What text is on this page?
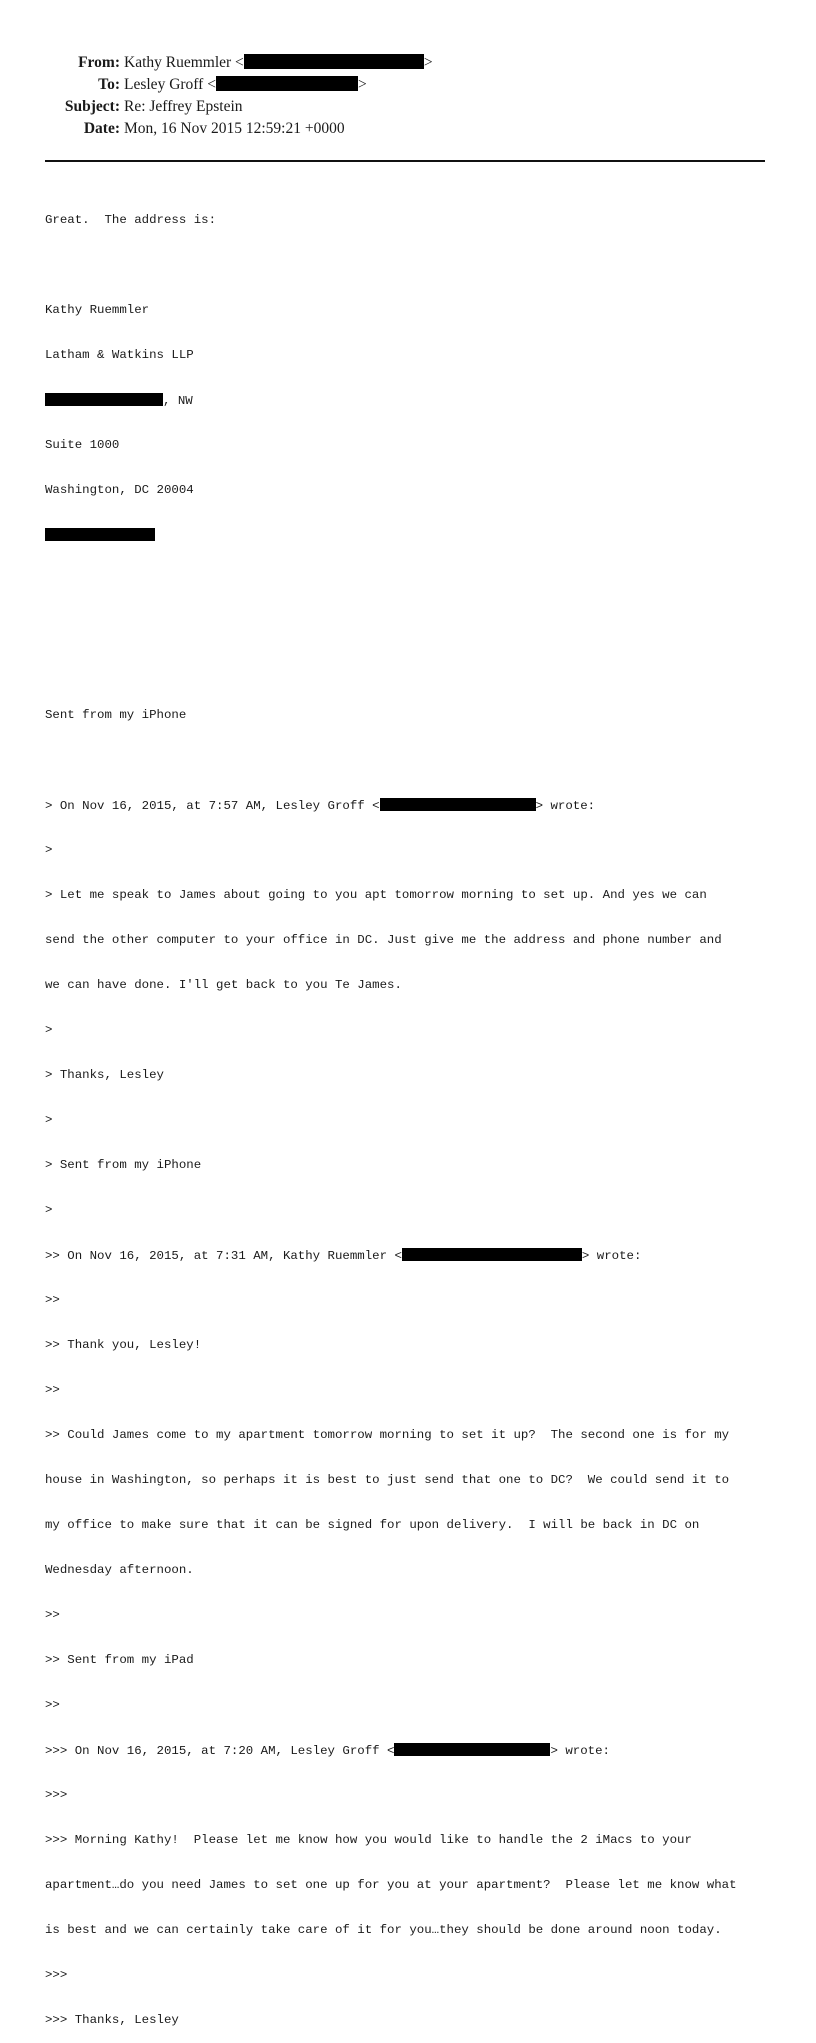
From: Kathy Ruemmler <	>
To: Lesley Groff <	>
Subject: Re: Jeffrey Epstein
Date: Mon, 16 Nov 2015 12:59:21 +0000

Great.  The address is:

Kathy Ruemmler

Latham & Watkins LLP

, NW

Suite 1000

Washington, DC 20004

Sent from my iPhone

> On Nov 16, 2015, at 7:57 AM, Lesley Groff <	> wrote:

>

> Let me speak to James about going to you apt tomorrow morning to set up. And yes we can

send the other computer to your office in DC. Just give me the address and phone number and

we can have done. I'll get back to you Te James.

>

> Thanks, Lesley

>

> Sent from my iPhone

>

>> On Nov 16, 2015, at 7:31 AM, Kathy Ruemmler <	> wrote:

>>

>> Thank you, Lesley!

>>

>> Could James come to my apartment tomorrow morning to set it up?  The second one is for my

house in Washington, so perhaps it is best to just send that one to DC?  We could send it to

my office to make sure that it can be signed for upon delivery.  I will be back in DC on

Wednesday afternoon.

>>

>> Sent from my iPad

>>

>>> On Nov 16, 2015, at 7:20 AM, Lesley Groff <	> wrote:

>>>

>>> Morning Kathy!  Please let me know how you would like to handle the 2 iMacs to your

apartment…do you need James to set one up for you at your apartment?  Please let me know what

is best and we can certainly take care of it for you…they should be done around noon today.

>>>

>>> Thanks, Lesley
